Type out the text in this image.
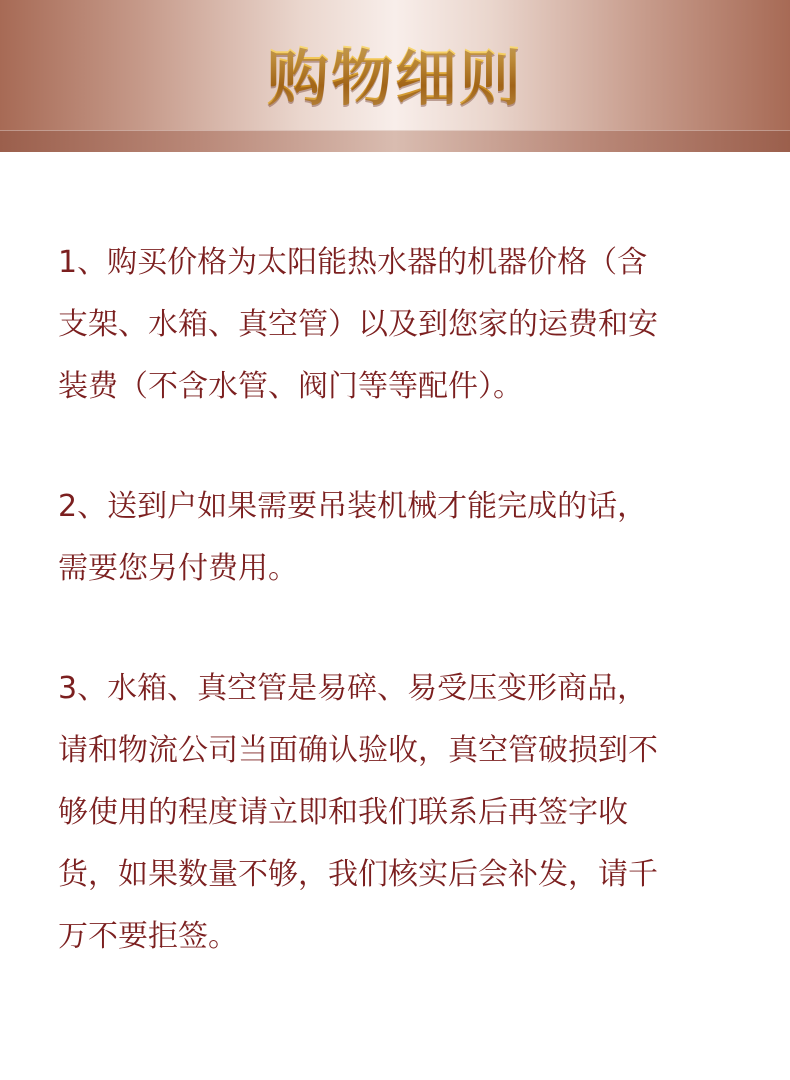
购物细则
1、购买价格为太阳能热水器的机器价格（含
支架、水箱、真空管）以及到您家的运费和安
装费（不含水管、阀门等等配件）。
2、送到户如果需要吊装机械才能完成的话，
需要您另付费用。
3、水箱、真空管是易碎、易受压变形商品，
请和物流公司当面确认验收，真空管破损到不
够使用的程度请立即和我们联系后再签字收
货，如果数量不够，我们核实后会补发，请千
万不要拒签。
